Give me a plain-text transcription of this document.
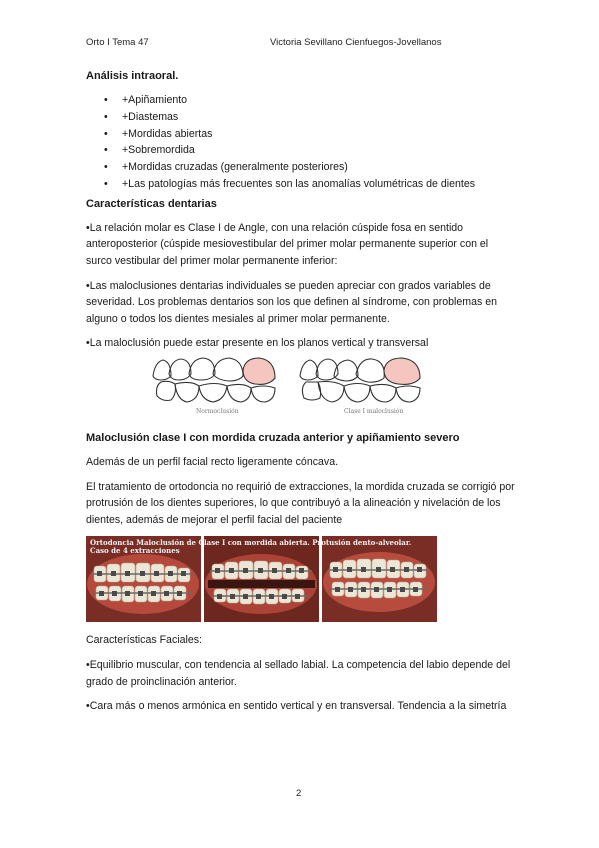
Orto I Tema 47	Victoria Sevillano Cienfuegos-Jovellanos
Análisis intraoral.
• +Apiñamiento
• +Diastemas
• +Mordidas abiertas
• +Sobremordida
• +Mordidas cruzadas (generalmente posteriores)
• +Las patologías más frecuentes son las anomalías volumétricas de dientes
Características dentarias

•La relación molar es Clase I de Angle, con una relación cúspide fosa en sentido anteroposterior (cúspide mesiovestibular del primer molar permanente superior con el surco vestibular del primer molar permanente inferior:

•Las maloclusiones dentarias individuales se pueden apreciar con grados variables de severidad. Los problemas dentarios son los que definen al síndrome, con problemas en alguno o todos los dientes mesiales al primer molar permanente.

•La maloclusión puede estar presente en los planos vertical y transversal

Normoclusión	Clase I maloclusión
Maloclusión clase I con mordida cruzada anterior y apiñamiento severo

Además de un perfil facial recto ligeramente cóncava.

El tratamiento de ortodoncia no requirió de extracciones, la mordida cruzada se corrigió por protrusión de los dientes superiores, lo que contribuyó a la alineación y nivelación de los dientes, además de mejorar el perfil facial del paciente

Ortodoncia Maloclusión de Clase I con mordida abierta. Protusión dento-alveolar. Caso de 4 extracciones

Características Faciales:

•Equilibrio muscular, con tendencia al sellado labial. La competencia del labio depende del grado de proinclinación anterior.

•Cara más o menos armónica en sentido vertical y en transversal. Tendencia a la simetría

2
